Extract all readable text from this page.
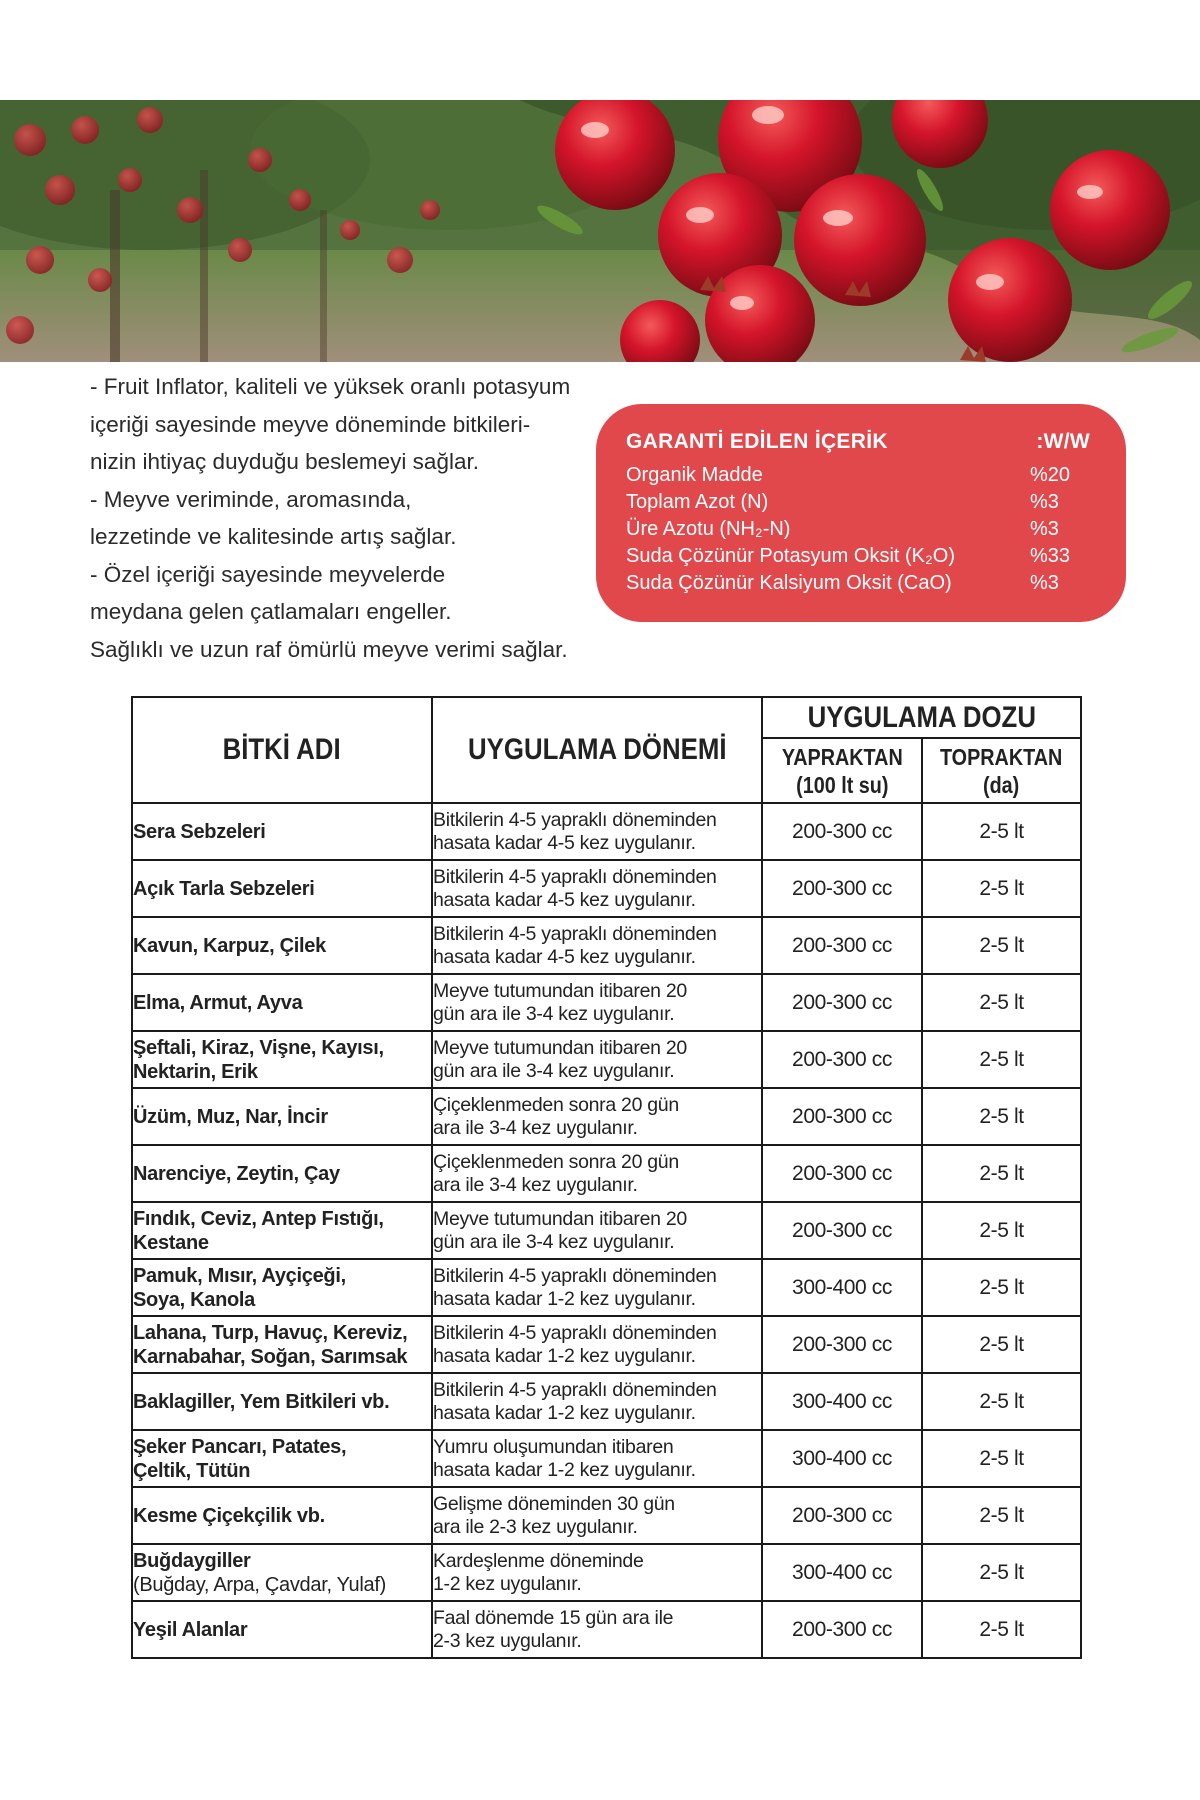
- Fruit Inflator, kaliteli ve yüksek oranlı potasyum

içeriği sayesinde meyve döneminde bitkileri-

nizin ihtiyaç duyduğu beslemeyi sağlar.

- Meyve veriminde, aromasında,

lezzetinde ve kalitesinde artış sağlar.

- Özel içeriği sayesinde meyvelerde

meydana gelen çatlamaları engeller.

Sağlıklı ve uzun raf ömürlü meyve verimi sağlar.

GARANTİ EDİLEN İÇERİK	:W/W
Organik Madde	%20
Toplam Azot (N)	%3
Üre Azotu (NH₂-N)	%3
Suda Çözünür Potasyum Oksit (K₂O)	%33
Suda Çözünür Kalsiyum Oksit (CaO)	%3
BİTKİ ADI	UYGULAMA DÖNEMİ	UYGULAMA DOZU	
		YAPRAKTAN
(100 lt su)	TOPRAKTAN
(da)
Sera Sebzeleri	Bitkilerin 4-5 yapraklı döneminden
hasata kadar 4-5 kez uygulanır.	200-300 cc	2-5 lt
Açık Tarla Sebzeleri	Bitkilerin 4-5 yapraklı döneminden
hasata kadar 4-5 kez uygulanır.	200-300 cc	2-5 lt
Kavun, Karpuz, Çilek	Bitkilerin 4-5 yapraklı döneminden
hasata kadar 4-5 kez uygulanır.	200-300 cc	2-5 lt
Elma, Armut, Ayva	Meyve tutumundan itibaren 20
gün ara ile 3-4 kez uygulanır.	200-300 cc	2-5 lt
Şeftali, Kiraz, Vişne, Kayısı,
Nektarin, Erik	Meyve tutumundan itibaren 20
gün ara ile 3-4 kez uygulanır.	200-300 cc	2-5 lt
Üzüm, Muz, Nar, İncir	Çiçeklenmeden sonra 20 gün
ara ile 3-4 kez uygulanır.	200-300 cc	2-5 lt
Narenciye, Zeytin, Çay	Çiçeklenmeden sonra 20 gün
ara ile 3-4 kez uygulanır.	200-300 cc	2-5 lt
Fındık, Ceviz, Antep Fıstığı,
Kestane	Meyve tutumundan itibaren 20
gün ara ile 3-4 kez uygulanır.	200-300 cc	2-5 lt
Pamuk, Mısır, Ayçiçeği,
Soya, Kanola	Bitkilerin 4-5 yapraklı döneminden
hasata kadar 1-2 kez uygulanır.	300-400 cc	2-5 lt
Lahana, Turp, Havuç, Kereviz,
Karnabahar, Soğan, Sarımsak	Bitkilerin 4-5 yapraklı döneminden
hasata kadar 1-2 kez uygulanır.	200-300 cc	2-5 lt
Baklagiller, Yem Bitkileri vb.	Bitkilerin 4-5 yapraklı döneminden
hasata kadar 1-2 kez uygulanır.	300-400 cc	2-5 lt
Şeker Pancarı, Patates,
Çeltik, Tütün	Yumru oluşumundan itibaren
hasata kadar 1-2 kez uygulanır.	300-400 cc	2-5 lt
Kesme Çiçekçilik vb.	Gelişme döneminden 30 gün
ara ile 2-3 kez uygulanır.	200-300 cc	2-5 lt
Buğdaygiller
(Buğday, Arpa, Çavdar, Yulaf)	Kardeşlenme döneminde
1-2 kez uygulanır.	300-400 cc	2-5 lt
Yeşil Alanlar	Faal dönemde 15 gün ara ile
2-3 kez uygulanır.	200-300 cc	2-5 lt
